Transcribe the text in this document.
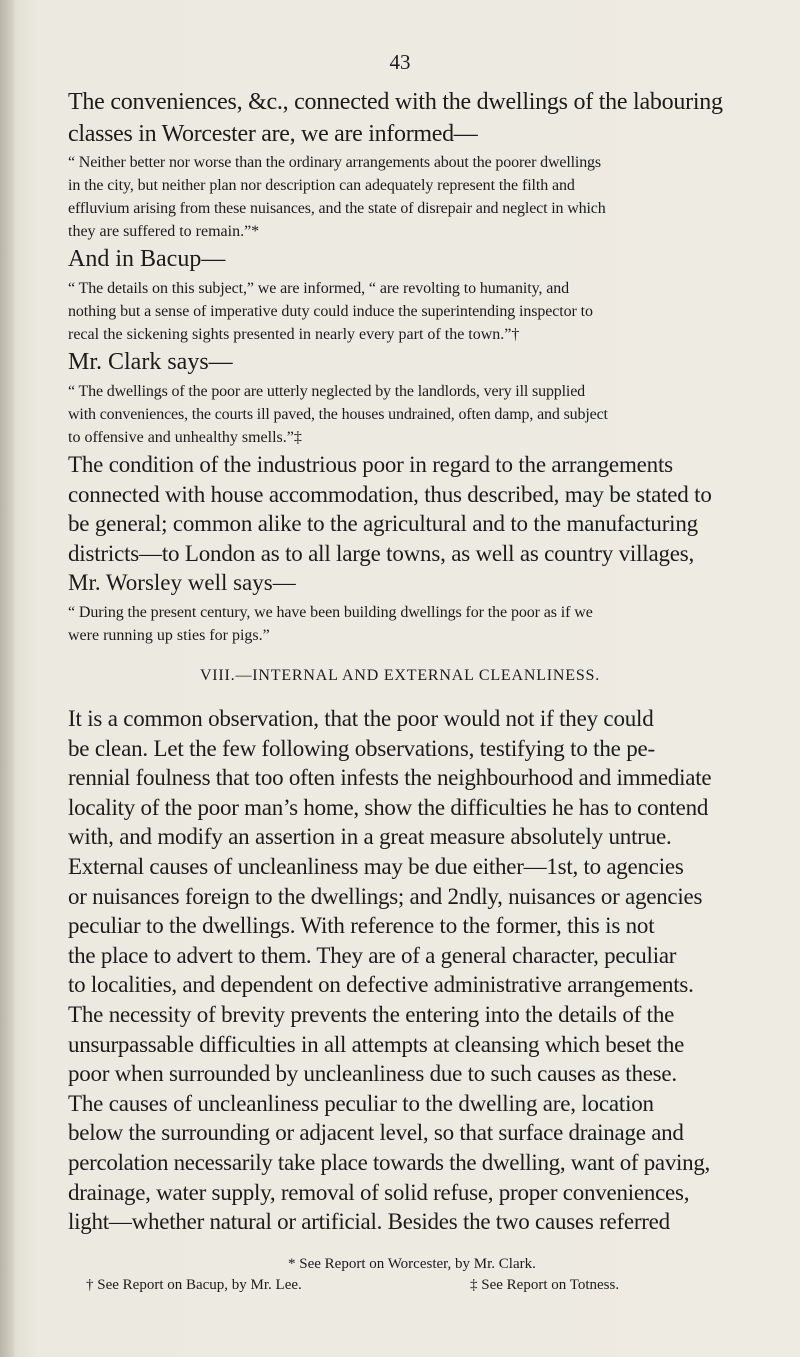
43
The conveniences, &c., connected with the dwellings of the labouring
classes in Worcester are, we are informed—
“ Neither better nor worse than the ordinary arrangements about the poorer dwellings
in the city, but neither plan nor description can adequately represent the filth and
effluvium arising from these nuisances, and the state of disrepair and neglect in which
they are suffered to remain.”*
And in Bacup—
“ The details on this subject,” we are informed, “ are revolting to humanity, and
nothing but a sense of imperative duty could induce the superintending inspector to
recal the sickening sights presented in nearly every part of the town.”†
Mr. Clark says—
“ The dwellings of the poor are utterly neglected by the landlords, very ill supplied
with conveniences, the courts ill paved, the houses undrained, often damp, and subject
to offensive and unhealthy smells.”‡
The condition of the industrious poor in regard to the arrangements
connected with house accommodation, thus described, may be stated to
be general; common alike to the agricultural and to the manufacturing
districts—to London as to all large towns, as well as country villages,
Mr. Worsley well says—
“ During the present century, we have been building dwellings for the poor as if we
were running up sties for pigs.”
VIII.—INTERNAL AND EXTERNAL CLEANLINESS.
It is a common observation, that the poor would not if they could
be clean. Let the few following observations, testifying to the pe-
rennial foulness that too often infests the neighbourhood and immediate
locality of the poor man’s home, show the difficulties he has to contend
with, and modify an assertion in a great measure absolutely untrue.
External causes of uncleanliness may be due either—1st, to agencies
or nuisances foreign to the dwellings; and 2ndly, nuisances or agencies
peculiar to the dwellings. With reference to the former, this is not
the place to advert to them. They are of a general character, peculiar
to localities, and dependent on defective administrative arrangements.
The necessity of brevity prevents the entering into the details of the
unsurpassable difficulties in all attempts at cleansing which beset the
poor when surrounded by uncleanliness due to such causes as these.
The causes of uncleanliness peculiar to the dwelling are, location
below the surrounding or adjacent level, so that surface drainage and
percolation necessarily take place towards the dwelling, want of paving,
drainage, water supply, removal of solid refuse, proper conveniences,
light—whether natural or artificial. Besides the two causes referred
* See Report on Worcester, by Mr. Clark.
† See Report on Bacup, by Mr. Lee.	‡ See Report on Totness.
